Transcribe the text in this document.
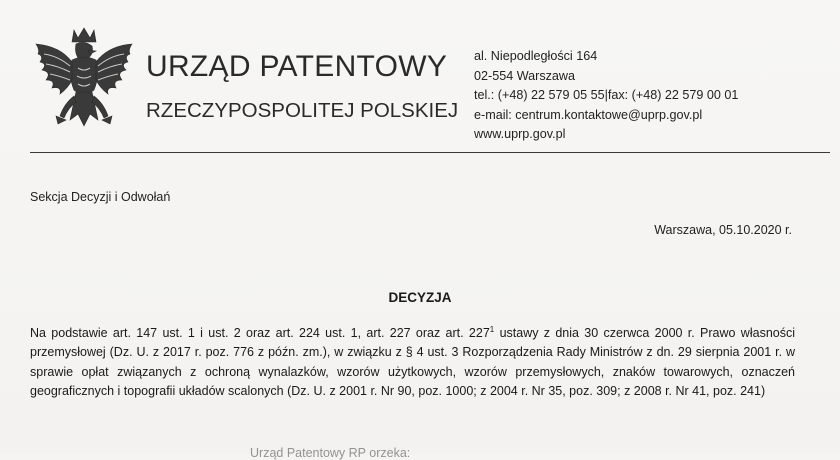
URZĄD PATENTOWY
RZECZYPOSPOLITEJ POLSKIEJ
al. Niepodległości 164
02-554 Warszawa
tel.: (+48) 22 579 05 55|fax: (+48) 22 579 00 01
e-mail: centrum.kontaktowe@uprp.gov.pl
www.uprp.gov.pl
Sekcja Decyzji i Odwołań
Warszawa, 05.10.2020 r.
DECYZJA
Na podstawie art. 147 ust. 1 i ust. 2 oraz art. 224 ust. 1, art. 227 oraz art. $227^1$ ustawy z dnia 30 czerwca 2000 r. Prawo własności przemysłowej (Dz. U. z 2017 r. poz. 776 z późn. zm.), w związku z § 4 ust. 3 Rozporządzenia Rady Ministrów z dn. 29 sierpnia 2001 r. w sprawie opłat związanych z ochroną wynalazków, wzorów użytkowych, wzorów przemysłowych, znaków towarowych, oznaczeń geograficznych i topografii układów scalonych (Dz. U. z 2001 r. Nr 90, poz. 1000; z 2004 r. Nr 35, poz. 309; z 2008 r. Nr 41, poz. 241)
Urząd Patentowy RP orzeka:
